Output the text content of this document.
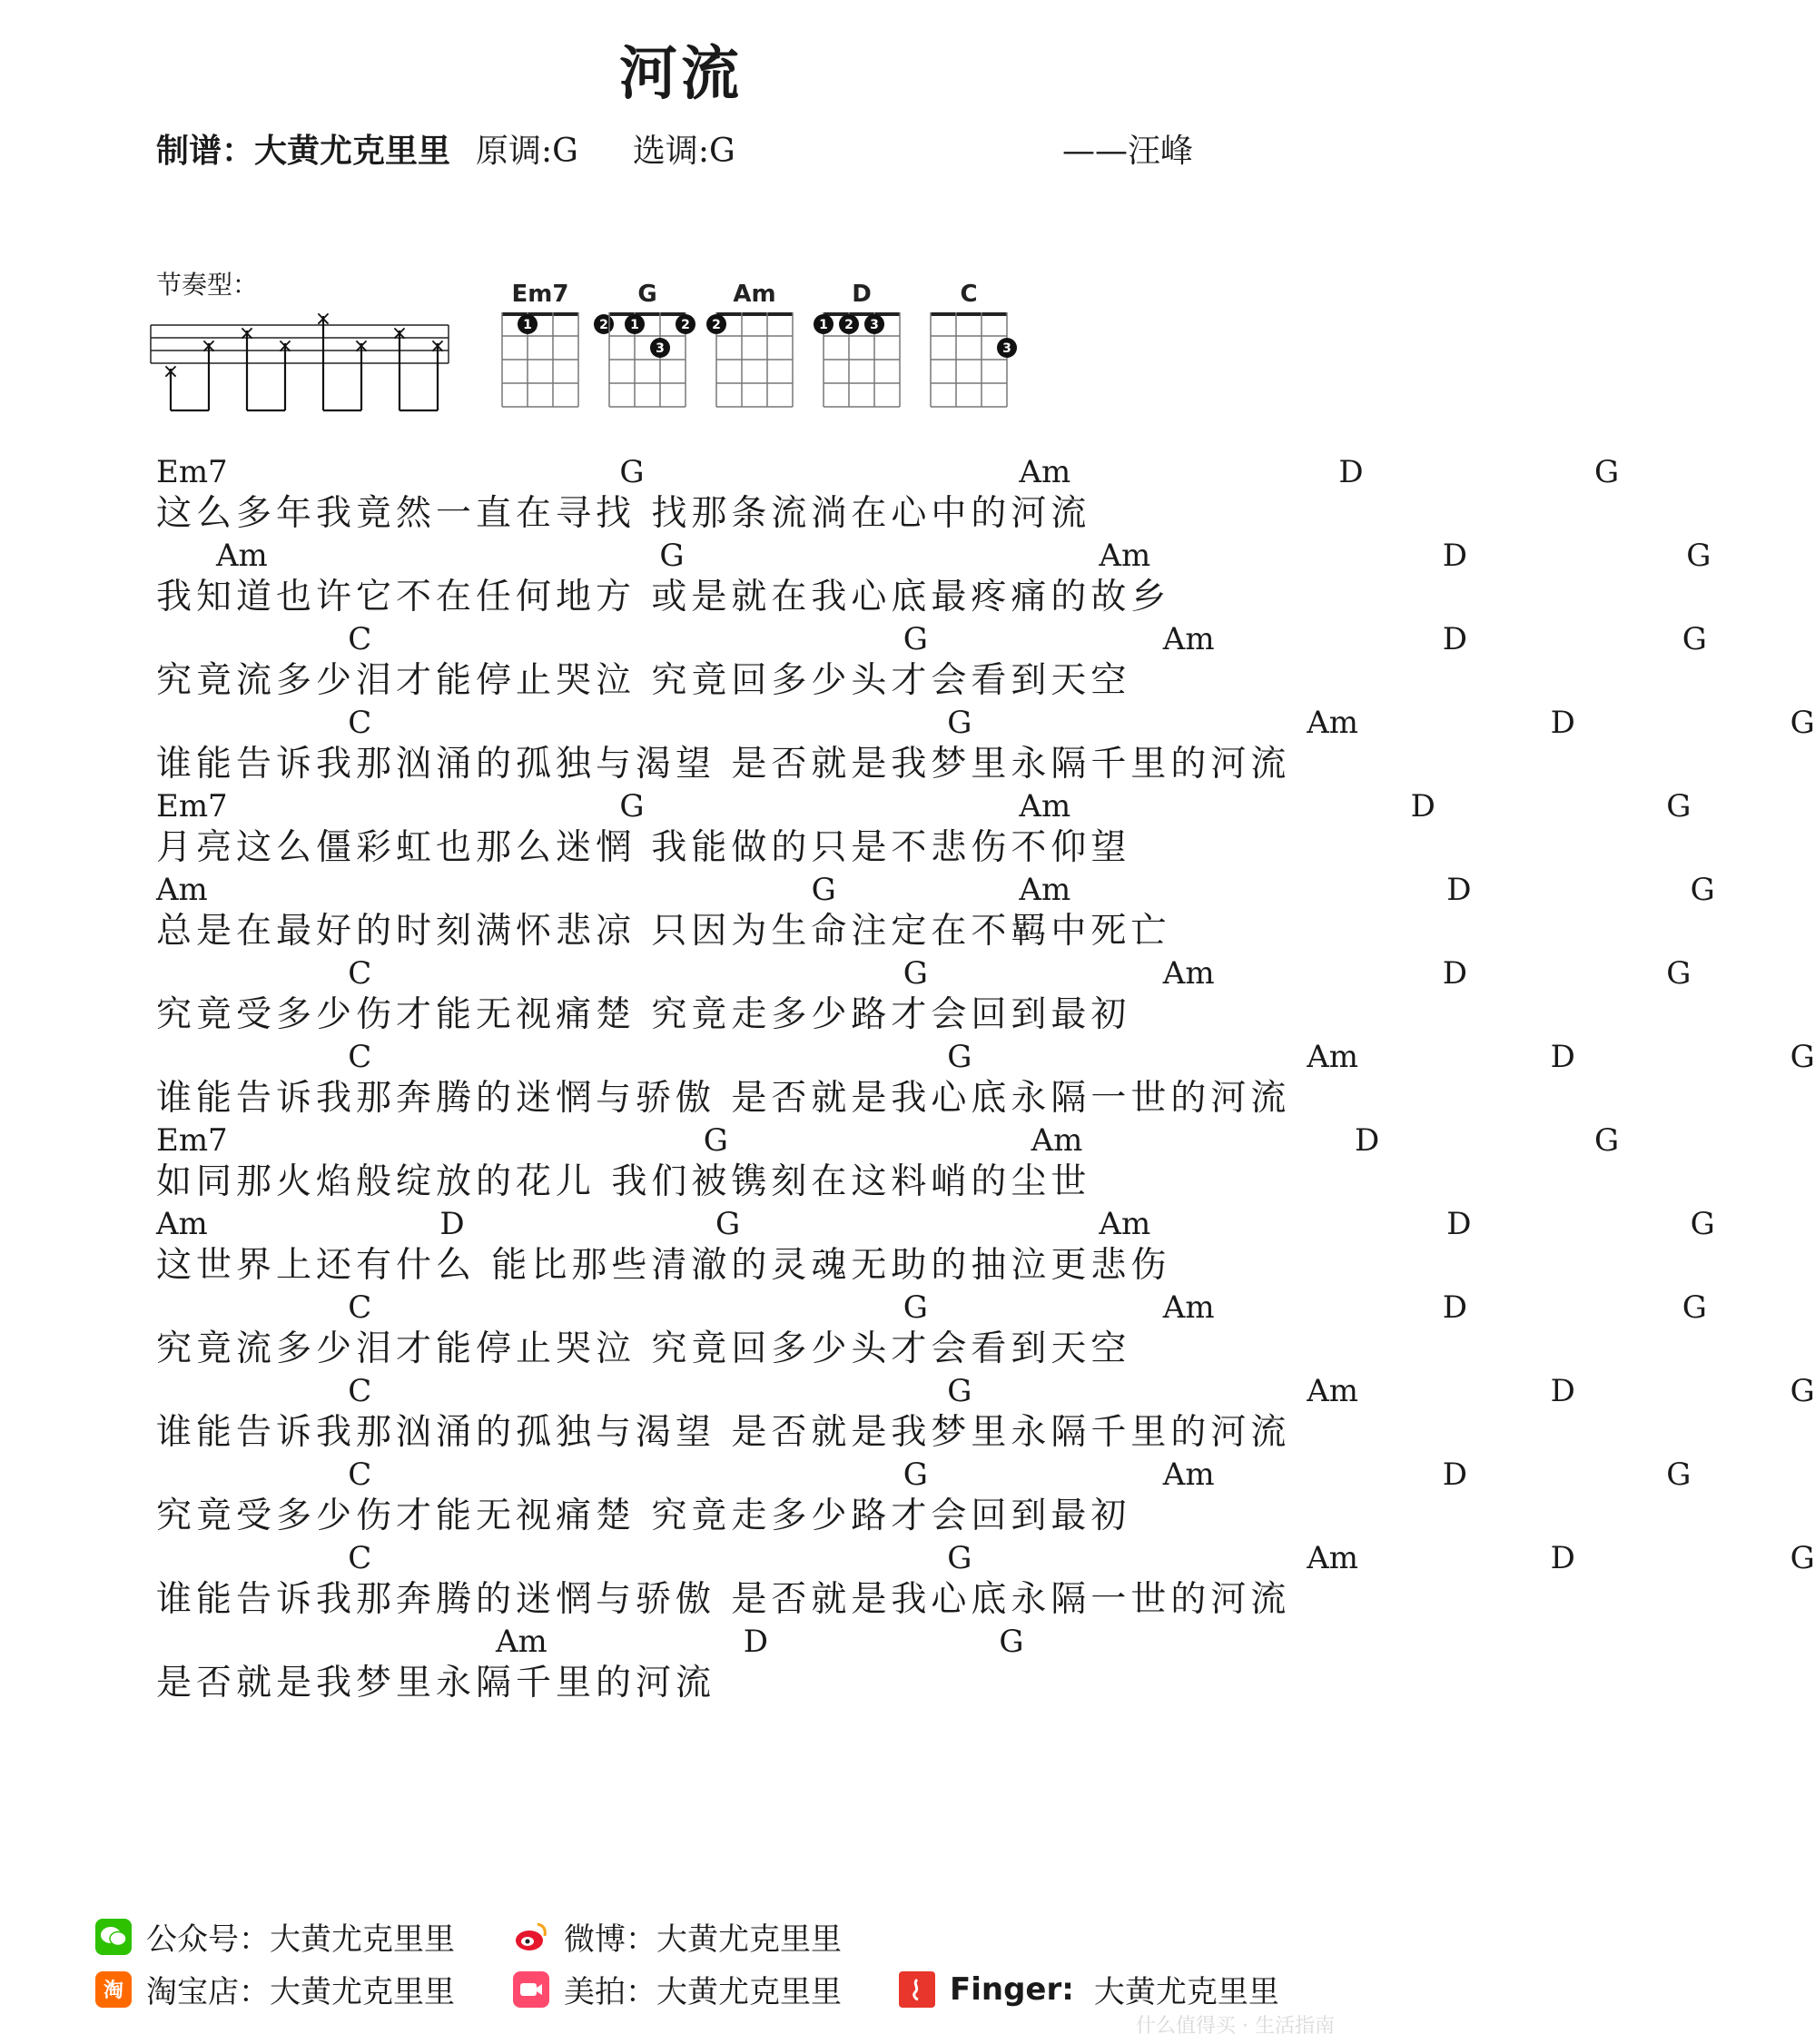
河流
制谱：大黄尤克里里 原调:G 选调:G	——汪峰
节奏型：
×
×
×
×
×
×
×
×
Em7
1	2
G
1	2
3
Am
2
D
1 2 3
C
3
Em7	G	Am	D	G
这么多年我竟然一直在寻找 找那条流淌在心中的河流
Am	G	Am	D	G
我知道也许它不在任何地方 或是就在我心底最疼痛的故乡
C	G	Am	D	G
究竟流多少泪才能停止哭泣 究竟回多少头才会看到天空
C	G	Am	D	G
谁能告诉我那汹涌的孤独与渴望 是否就是我梦里永隔千里的河流
Em7	G	Am	D	G
月亮这么僵彩虹也那么迷惘 我能做的只是不悲伤不仰望
Am	G	Am	D	G
总是在最好的时刻满怀悲凉 只因为生命注定在不羁中死亡
C	G	Am	D	G
究竟受多少伤才能无视痛楚 究竟走多少路才会回到最初
C	G	Am	D	G
谁能告诉我那奔腾的迷惘与骄傲 是否就是我心底永隔一世的河流
Em7	G	Am	D	G
如同那火焰般绽放的花儿 我们被镌刻在这料峭的尘世
Am	D	G	Am	D	G
这世界上还有什么 能比那些清澈的灵魂无助的抽泣更悲伤
C	G	Am	D	G
究竟流多少泪才能停止哭泣 究竟回多少头才会看到天空
C	G	Am	D	G
谁能告诉我那汹涌的孤独与渴望 是否就是我梦里永隔千里的河流
C	G	Am	D	G
究竟受多少伤才能无视痛楚 究竟走多少路才会回到最初
C	G	Am	D	G
谁能告诉我那奔腾的迷惘与骄傲 是否就是我心底永隔一世的河流
Am	D	G
是否就是我梦里永隔千里的河流
公众号：大黄尤克里里	微博：大黄尤克里里
淘 淘宝店：大黄尤克里里	美拍：大黄尤克里里	Finger: 大黄尤克里里
什么值得买 · 生活指南
